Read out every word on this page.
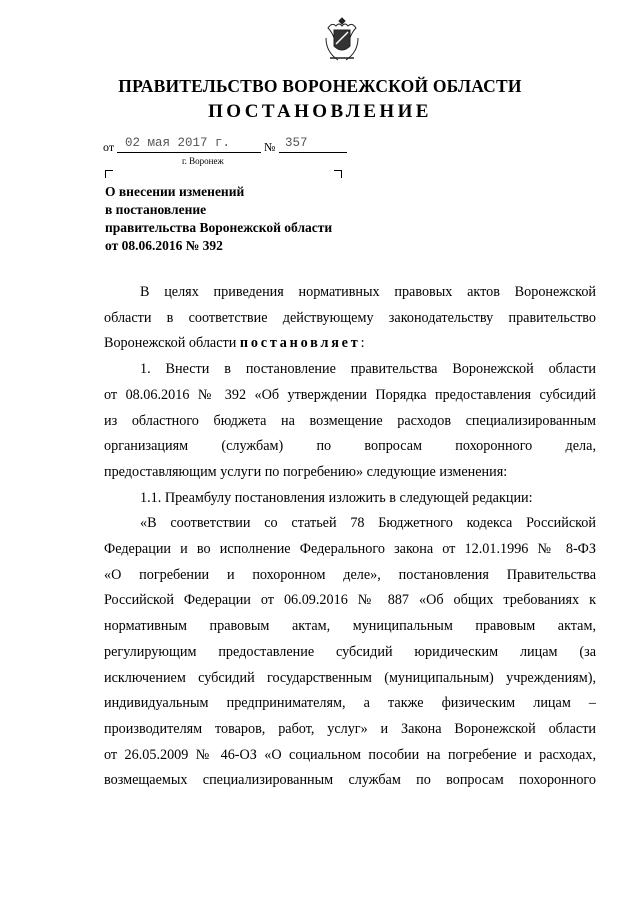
ПРАВИТЕЛЬСТВО ВОРОНЕЖСКОЙ ОБЛАСТИ
ПОСТАНОВЛЕНИЕ
от 02 мая 2017 г.	№ 357
г. Воронеж
О внесении изменений
в постановление
правительства Воронежской области
от 08.06.2016 № 392
В целях приведения нормативных правовых актов Воронежской
области в соответствие действующему законодательству правительство
Воронежской области постановляет:
1. Внести в постановление правительства Воронежской области
от 08.06.2016 № 392 «Об утверждении Порядка предоставления субсидий
из областного бюджета на возмещение расходов специализированным
организациям (службам) по вопросам похоронного дела,
предоставляющим услуги по погребению» следующие изменения:
1.1. Преамбулу постановления изложить в следующей редакции:
«В соответствии со статьей 78 Бюджетного кодекса Российской
Федерации и во исполнение Федерального закона от 12.01.1996 № 8-ФЗ
«О погребении и похоронном деле», постановления Правительства
Российской Федерации от 06.09.2016 № 887 «Об общих требованиях к
нормативным правовым актам, муниципальным правовым актам,
регулирующим предоставление субсидий юридическим лицам (за
исключением субсидий государственным (муниципальным) учреждениям),
индивидуальным предпринимателям, а также физическим лицам –
производителям товаров, работ, услуг» и Закона Воронежской области
от 26.05.2009 № 46-ОЗ «О социальном пособии на погребение и расходах,
возмещаемых специализированным службам по вопросам похоронного
